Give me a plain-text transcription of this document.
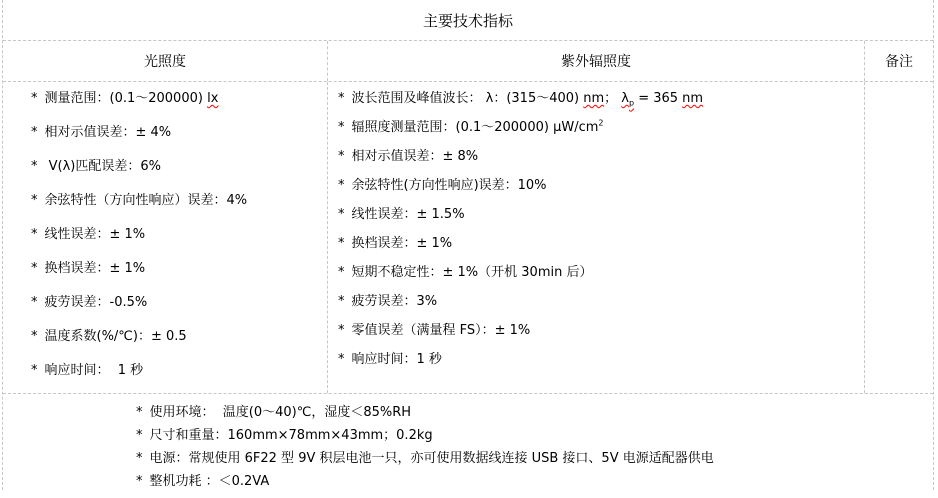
主要技术指标
光照度	紫外辐照度	备注
* 测量范围：(0.1～200000) lx
* 相对示值误差：± 4%
* V(λ)匹配误差：6%
* 余弦特性（方向性响应）误差：4%
* 线性误差：± 1%
* 换档误差：± 1%
* 疲劳误差：-0.5%
* 温度系数(%/℃)：± 0.5
* 响应时间：  1 秒
* 波长范围及峰值波长： λ：(315～400) nm； $\lambda_p = 365$ nm
* 辐照度测量范围：(0.1～200000) $\mu W/cm^2$
* 相对示值误差：± 8%
* 余弦特性(方向性响应)误差：10%
* 线性误差：± 1.5%
* 换档误差：± 1%
* 短期不稳定性：± 1%（开机 30min 后）
* 疲劳误差：3%
* 零值误差（满量程 FS）：± 1%
* 响应时间：1 秒
* 使用环境：  温度(0～40)℃，湿度＜85%RH
* 尺寸和重量：160mm×78mm×43mm；0.2kg
* 电源：常规使用 6F22 型 9V 积层电池一只，亦可使用数据线连接 USB 接口、5V 电源适配器供电
* 整机功耗 ：＜0.2VA
